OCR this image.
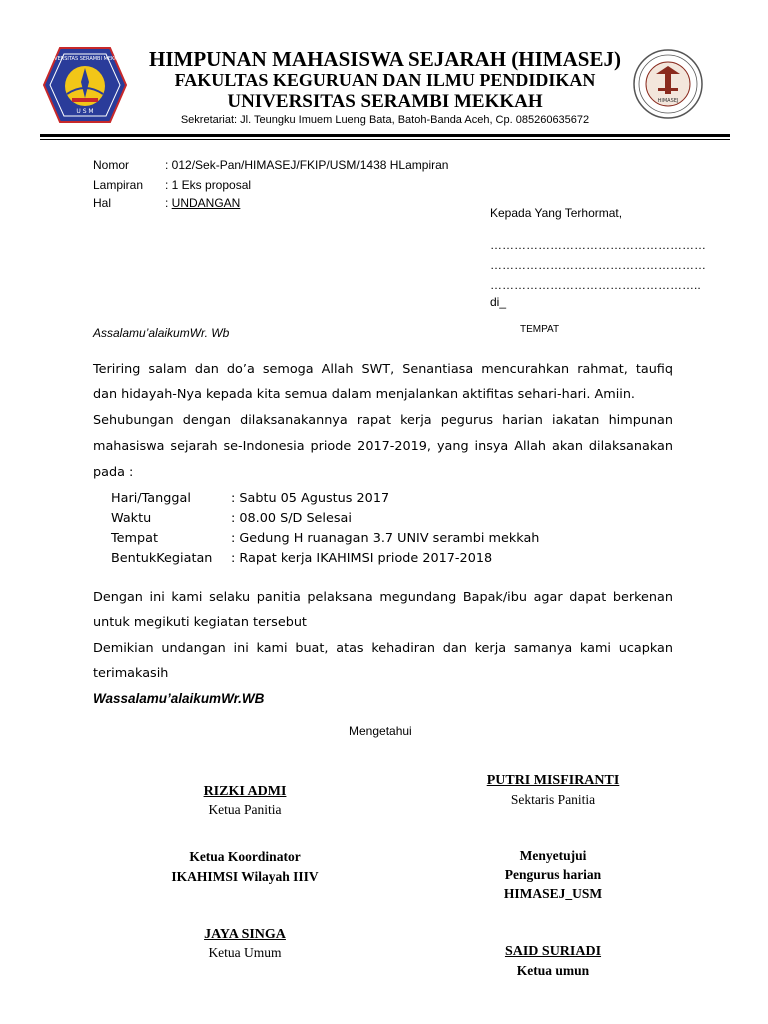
UNIVERSITAS SERAMBI MEKKAH
U S M
HIMASEJ
HIMPUNAN MAHASISWA SEJARAH (HIMASEJ)
FAKULTAS KEGURUAN DAN ILMU PENDIDIKAN
UNIVERSITAS SERAMBI MEKKAH
Sekretariat: Jl. Teungku Imuem Lueng Bata, Batoh-Banda Aceh, Cp. 085260635672
Nomor	: 012/Sek-Pan/HIMASEJ/FKIP/USM/1438 HLampiran
Lampiran : 1 Eks proposal
Hal	: UNDANGAN
Kepada Yang Terhormat,
………………………………………………
………………………………………………
……………………………………………..
di_
TEMPAT
Assalamu’alaikumWr. Wb
Teriring salam dan do’a semoga Allah SWT, Senantiasa mencurahkan rahmat, taufiq
dan hidayah-Nya kepada kita semua dalam menjalankan aktifitas sehari-hari. Amiin.
Sehubungan dengan dilaksanakannya rapat kerja pegurus harian iakatan himpunan
mahasiswa sejarah se-Indonesia priode 2017-2019, yang insya Allah akan dilaksanakan
pada :
Hari/Tanggal	: Sabtu 05 Agustus 2017
Waktu	: 08.00 S/D Selesai
Tempat	: Gedung H ruanagan 3.7 UNIV serambi mekkah
BentukKegiatan : Rapat kerja IKAHIMSI priode 2017-2018
Dengan ini kami selaku panitia pelaksana megundang Bapak/ibu agar dapat berkenan
untuk megikuti kegiatan tersebut
Demikian undangan ini kami buat, atas kehadiran dan kerja samanya kami ucapkan
terimakasih
Wassalamu’alaikumWr.WB
Mengetahui
RIZKI ADMI
Ketua Panitia
PUTRI MISFIRANTI
Sektaris Panitia
Ketua Koordinator
IKAHIMSI Wilayah IIIV
Menyetujui
Pengurus harian
HIMASEJ_USM
JAYA SINGA
Ketua Umum	SAID SURIADI
Ketua umun
